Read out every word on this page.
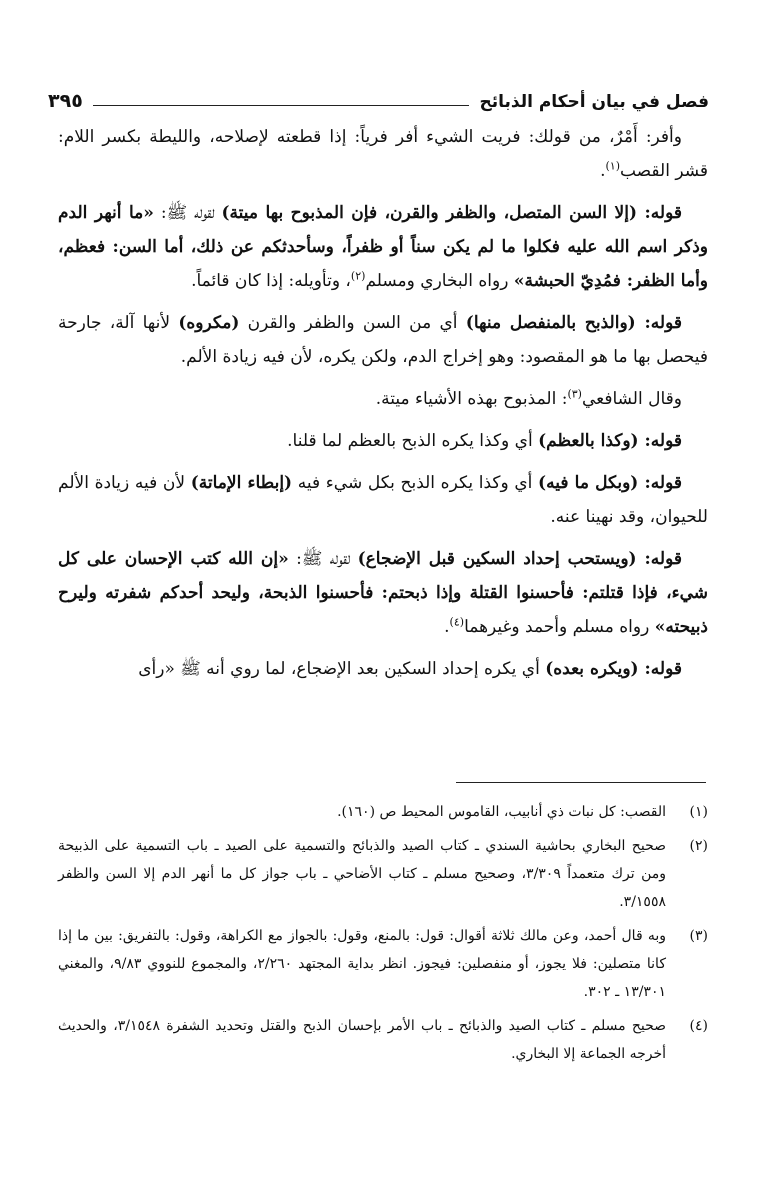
فصل في بيان أحكام الذبائح
٣٩٥

وأفر: أَمْرٌ، من قولك: فريت الشيء أفر فرياً: إذا قطعته لإصلاحه، والليطة بكسر اللام: قشر القصب$^{(١)}$.

قوله: (إلا السن المتصل، والظفر والقرن، فإن المذبوح بها ميتة) لقوله ﷺ: «ما أنهر الدم وذكر اسم الله عليه فكلوا ما لم يكن سناً أو ظفراً، وسأحدثكم عن ذلك، أما السن: فعظم، وأما الظفر: فمُدِيّ الحبشة» رواه البخاري ومسلم$^{(٢)}$، وتأويله: إذا كان قائماً.

قوله: (والذبح بالمنفصل منها) أي من السن والظفر والقرن (مكروه) لأنها آلة، جارحة فيحصل بها ما هو المقصود: وهو إخراج الدم، ولكن يكره، لأن فيه زيادة الألم.

وقال الشافعي$^{(٣)}$: المذبوح بهذه الأشياء ميتة.

قوله: (وكذا بالعظم) أي وكذا يكره الذبح بالعظم لما قلنا.

قوله: (وبكل ما فيه) أي وكذا يكره الذبح بكل شيء فيه (إبطاء الإماتة) لأن فيه زيادة الألم للحيوان، وقد نهينا عنه.

قوله: (ويستحب إحداد السكين قبل الإضجاع) لقوله ﷺ: «إن الله كتب الإحسان على كل شيء، فإذا قتلتم: فأحسنوا القتلة وإذا ذبحتم: فأحسنوا الذبحة، وليحد أحدكم شفرته وليرح ذبيحته» رواه مسلم وأحمد وغيرهما$^{(٤)}$.

قوله: (ويكره بعده) أي يكره إحداد السكين بعد الإضجاع، لما روي أنه ﷺ «رأى

(١)
القصب: كل نبات ذي أنابيب، القاموس المحيط ص (١٦٠).
(٢)
صحيح البخاري بحاشية السندي ـ كتاب الصيد والذبائح والتسمية على الصيد ـ باب التسمية على الذبيحة ومن ترك متعمداً ٣/٣٠٩، وصحيح مسلم ـ كتاب الأضاحي ـ باب جواز كل ما أنهر الدم إلا السن والظفر ٣/١٥٥٨.
(٣)
وبه قال أحمد، وعن مالك ثلاثة أقوال: قول: بالمنع، وقول: بالجواز مع الكراهة، وقول: بالتفريق: بين ما إذا كانا متصلين: فلا يجوز، أو منفصلين: فيجوز. انظر بداية المجتهد ٢/٢٦٠، والمجموع للنووي ٩/٨٣، والمغني ١٣/٣٠١ ـ ٣٠٢.
(٤)
صحيح مسلم ـ كتاب الصيد والذبائح ـ باب الأمر بإحسان الذبح والقتل وتحديد الشفرة ٣/١٥٤٨، والحديث أخرجه الجماعة إلا البخاري.
